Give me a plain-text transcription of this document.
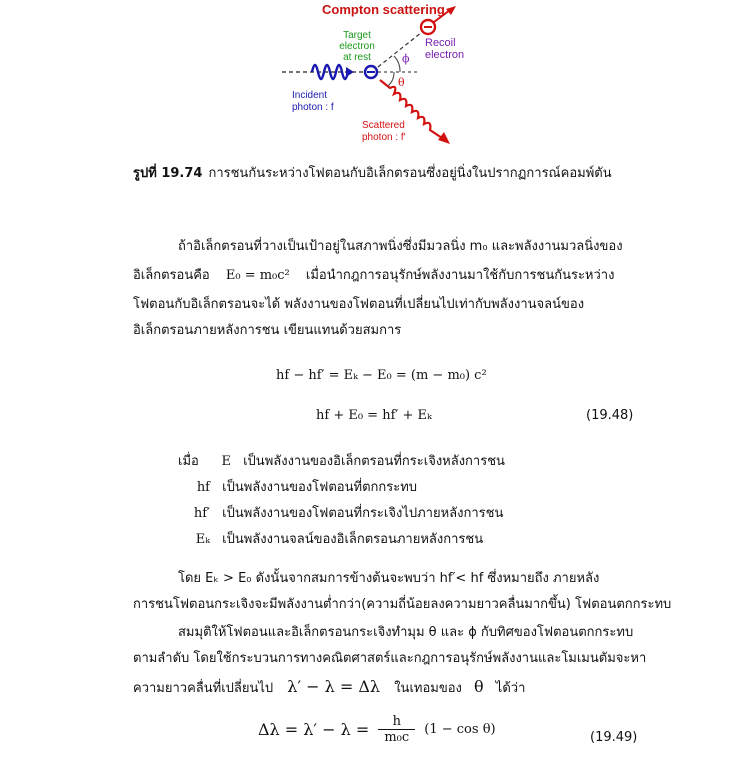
Compton scattering
Target
electron
at rest
Recoil
electron
Incident
photon : f
Scattered
photon : f'
ϕ
θ
รูปที่ 19.74 การชนกันระหว่างโฟตอนกับอิเล็กตรอนซึ่งอยู่นิ่งในปรากฏการณ์คอมพ์ตัน
ถ้าอิเล็กตรอนที่วางเป็นเป้าอยู่ในสภาพนิ่งซึ่งมีมวลนิ่ง m₀ และพลังงานมวลนิ่งของ
อิเล็กตรอนคือ E₀ = m₀c² เมื่อนำกฎการอนุรักษ์พลังงานมาใช้กับการชนกันระหว่าง
โฟตอนกับอิเล็กตรอนจะได้ พลังงานของโฟตอนที่เปลี่ยนไปเท่ากับพลังงานจลน์ของ
อิเล็กตรอนภายหลังการชน เขียนแทนด้วยสมการ
hf − hf′ = Eₖ − E₀ = (m − m₀) c²
hf + E₀ = hf′ + Eₖ	(19.48)
เมื่อ E เป็นพลังงานของอิเล็กตรอนที่กระเจิงหลังการชน
hf เป็นพลังงานของโฟตอนที่ตกกระทบ
hf′ เป็นพลังงานของโฟตอนที่กระเจิงไปภายหลังการชน
Eₖ เป็นพลังงานจลน์ของอิเล็กตรอนภายหลังการชน
โดย Eₖ > E₀ ดังนั้นจากสมการข้างต้นจะพบว่า hf′< hf ซึ่งหมายถึง ภายหลัง
การชนโฟตอนกระเจิงจะมีพลังงานต่ำกว่า(ความถี่น้อยลงความยาวคลื่นมากขึ้น) โฟตอนตกกระทบ
สมมุติให้โฟตอนและอิเล็กตรอนกระเจิงทำมุม θ และ ϕ กับทิศของโฟตอนตกกระทบ
ตามลำดับ โดยใช้กระบวนการทางคณิตศาสตร์และกฎการอนุรักษ์พลังงานและโมเมนตัมจะหา
ความยาวคลื่นที่เปลี่ยนไป λ′ − λ = Δλ ในเทอมของ θ ได้ว่า
$\Delta\lambda = \lambda' - \lambda = \frac{h}{\text{m₀c}} (1 - \cos \theta)$
(19.49)
